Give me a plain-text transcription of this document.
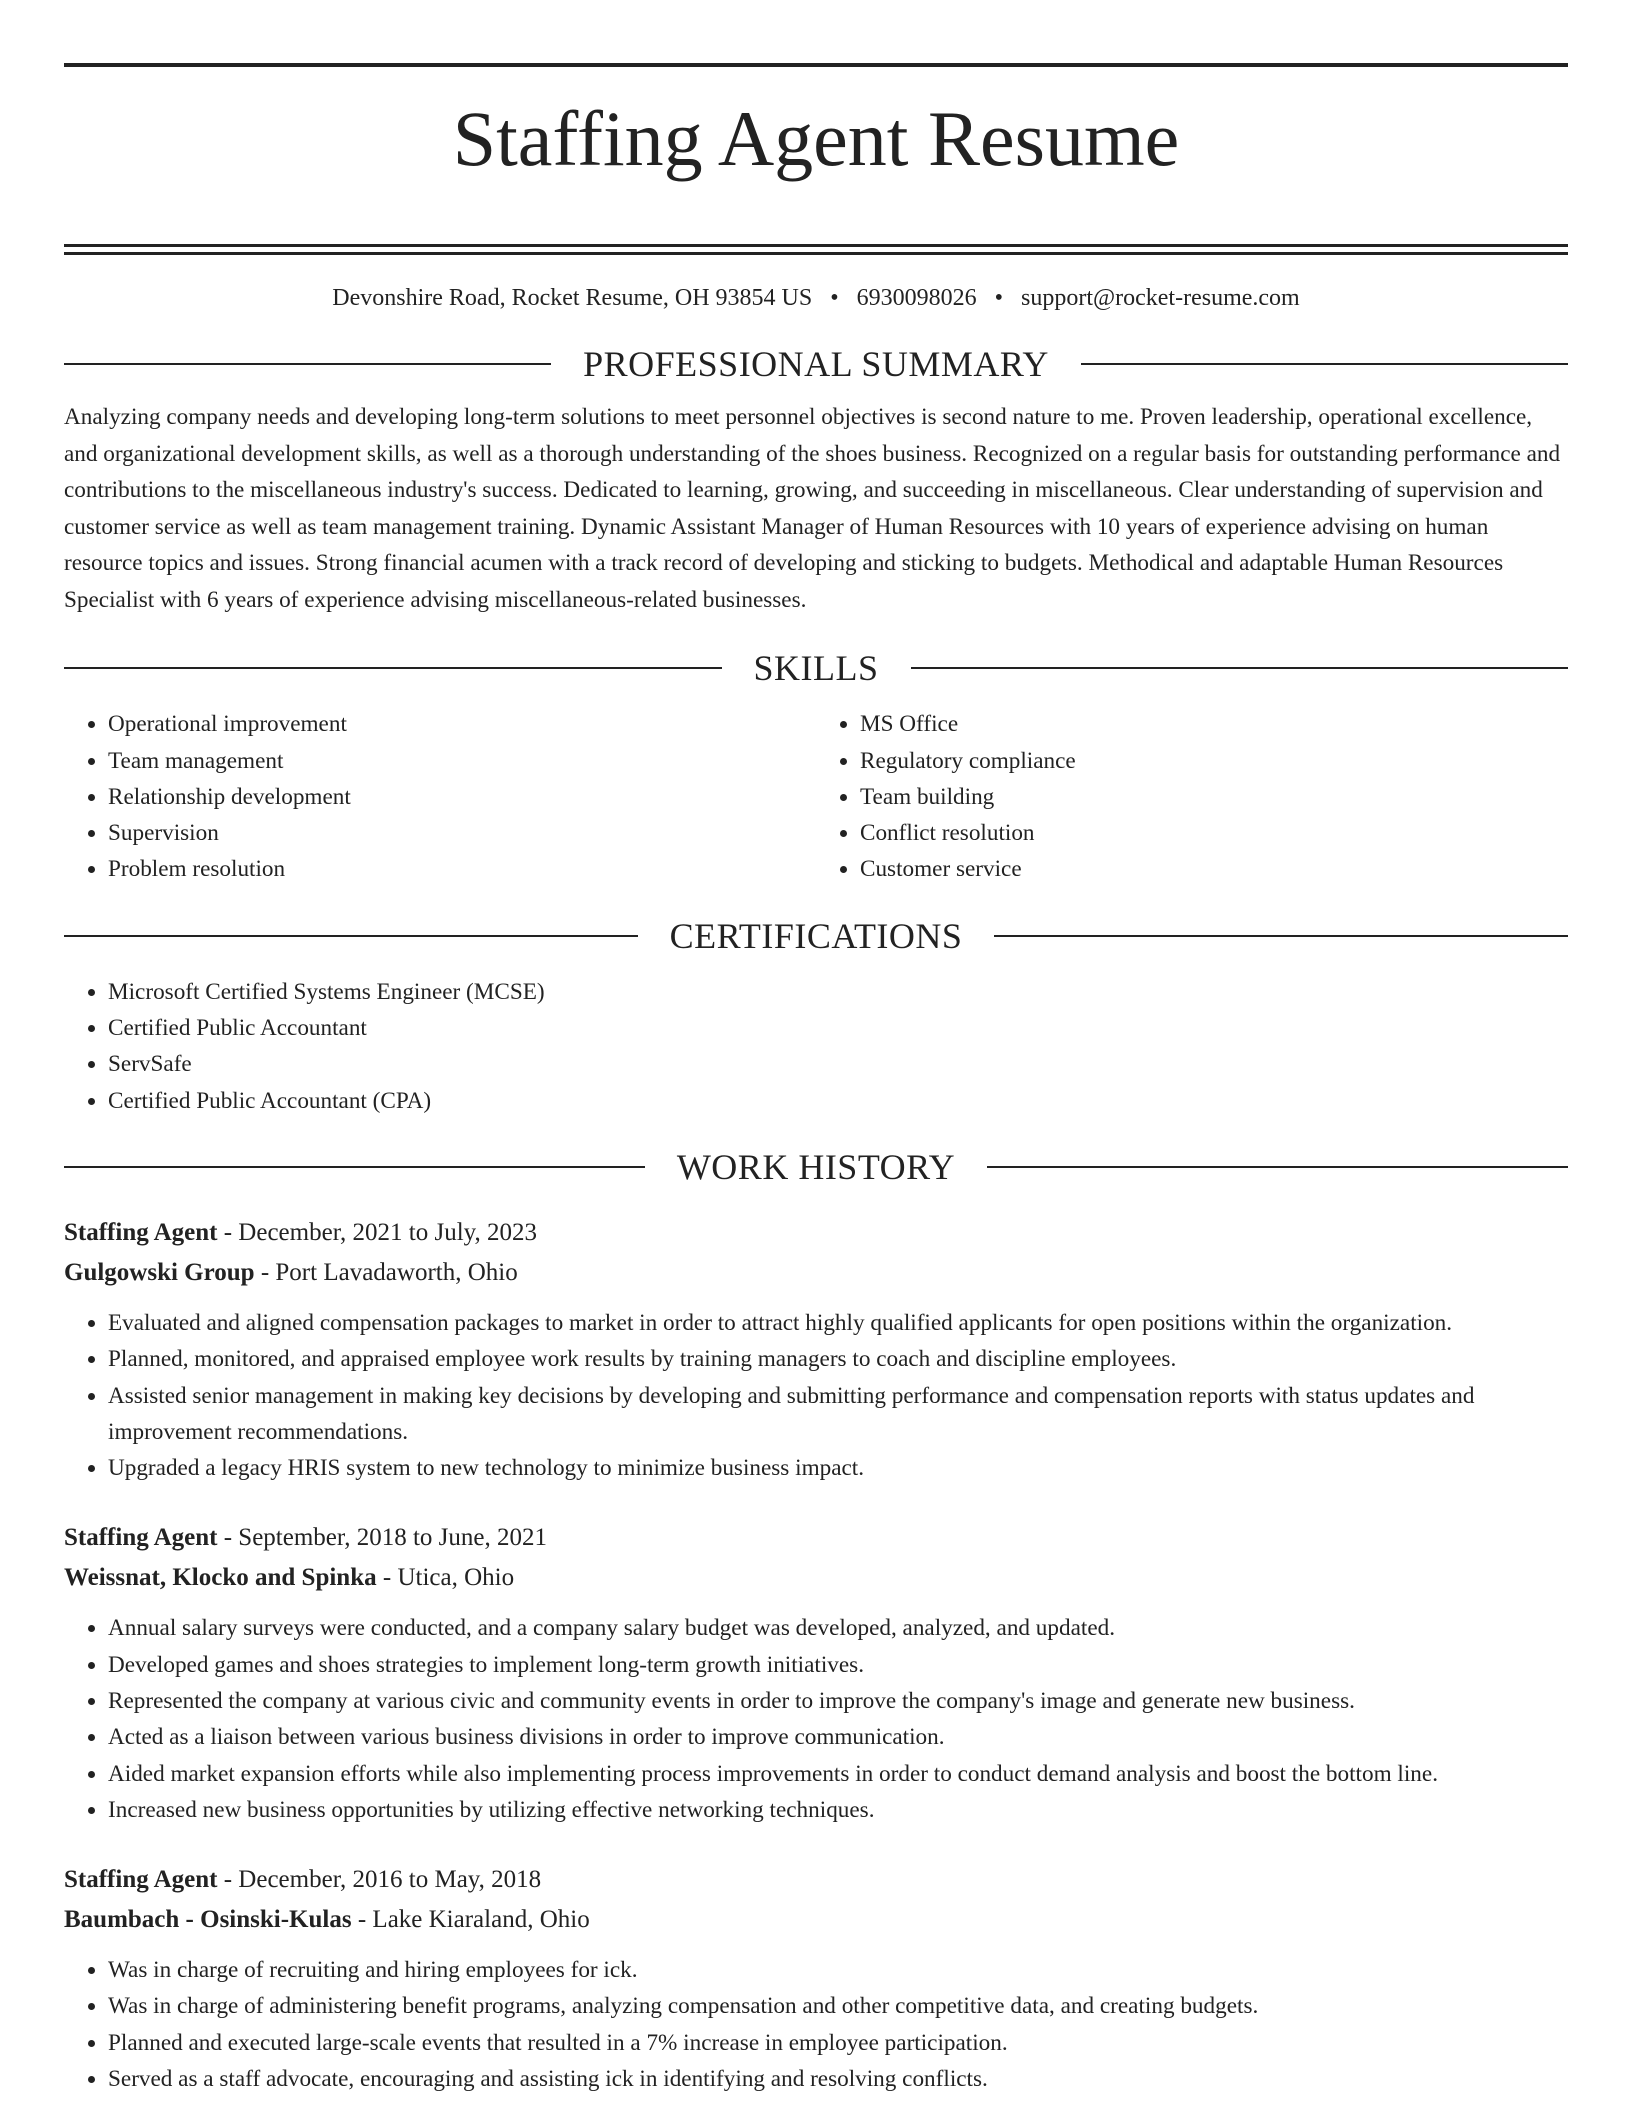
Staffing Agent Resume
Devonshire Road, Rocket Resume, OH 93854 US • 6930098026 • support@rocket-resume.com
PROFESSIONAL SUMMARY

Analyzing company needs and developing long-term solutions to meet personnel objectives is second nature to me. Proven leadership, operational excellence, and organizational development skills, as well as a thorough understanding of the shoes business. Recognized on a regular basis for outstanding performance and contributions to the miscellaneous industry's success. Dedicated to learning, growing, and succeeding in miscellaneous. Clear understanding of supervision and customer service as well as team management training. Dynamic Assistant Manager of Human Resources with 10 years of experience advising on human resource topics and issues. Strong financial acumen with a track record of developing and sticking to budgets. Methodical and adaptable Human Resources Specialist with 6 years of experience advising miscellaneous-related businesses.

SKILLS
• Operational improvement
• Team management
• Relationship development
• Supervision
• Problem resolution
• MS Office
• Regulatory compliance
• Team building
• Conflict resolution
• Customer service
CERTIFICATIONS
• Microsoft Certified Systems Engineer (MCSE)
• Certified Public Accountant
• ServSafe
• Certified Public Accountant (CPA)
WORK HISTORY
Staffing Agent - December, 2021 to July, 2023
Gulgowski Group - Port Lavadaworth, Ohio
• Evaluated and aligned compensation packages to market in order to attract highly qualified applicants for open positions within the organization.
• Planned, monitored, and appraised employee work results by training managers to coach and discipline employees.
• Assisted senior management in making key decisions by developing and submitting performance and compensation reports with status updates and improvement recommendations.
• Upgraded a legacy HRIS system to new technology to minimize business impact.
Staffing Agent - September, 2018 to June, 2021
Weissnat, Klocko and Spinka - Utica, Ohio
• Annual salary surveys were conducted, and a company salary budget was developed, analyzed, and updated.
• Developed games and shoes strategies to implement long-term growth initiatives.
• Represented the company at various civic and community events in order to improve the company's image and generate new business.
• Acted as a liaison between various business divisions in order to improve communication.
• Aided market expansion efforts while also implementing process improvements in order to conduct demand analysis and boost the bottom line.
• Increased new business opportunities by utilizing effective networking techniques.
Staffing Agent - December, 2016 to May, 2018
Baumbach - Osinski-Kulas - Lake Kiaraland, Ohio
• Was in charge of recruiting and hiring employees for ick.
• Was in charge of administering benefit programs, analyzing compensation and other competitive data, and creating budgets.
• Planned and executed large-scale events that resulted in a 7% increase in employee participation.
• Served as a staff advocate, encouraging and assisting ick in identifying and resolving conflicts.
